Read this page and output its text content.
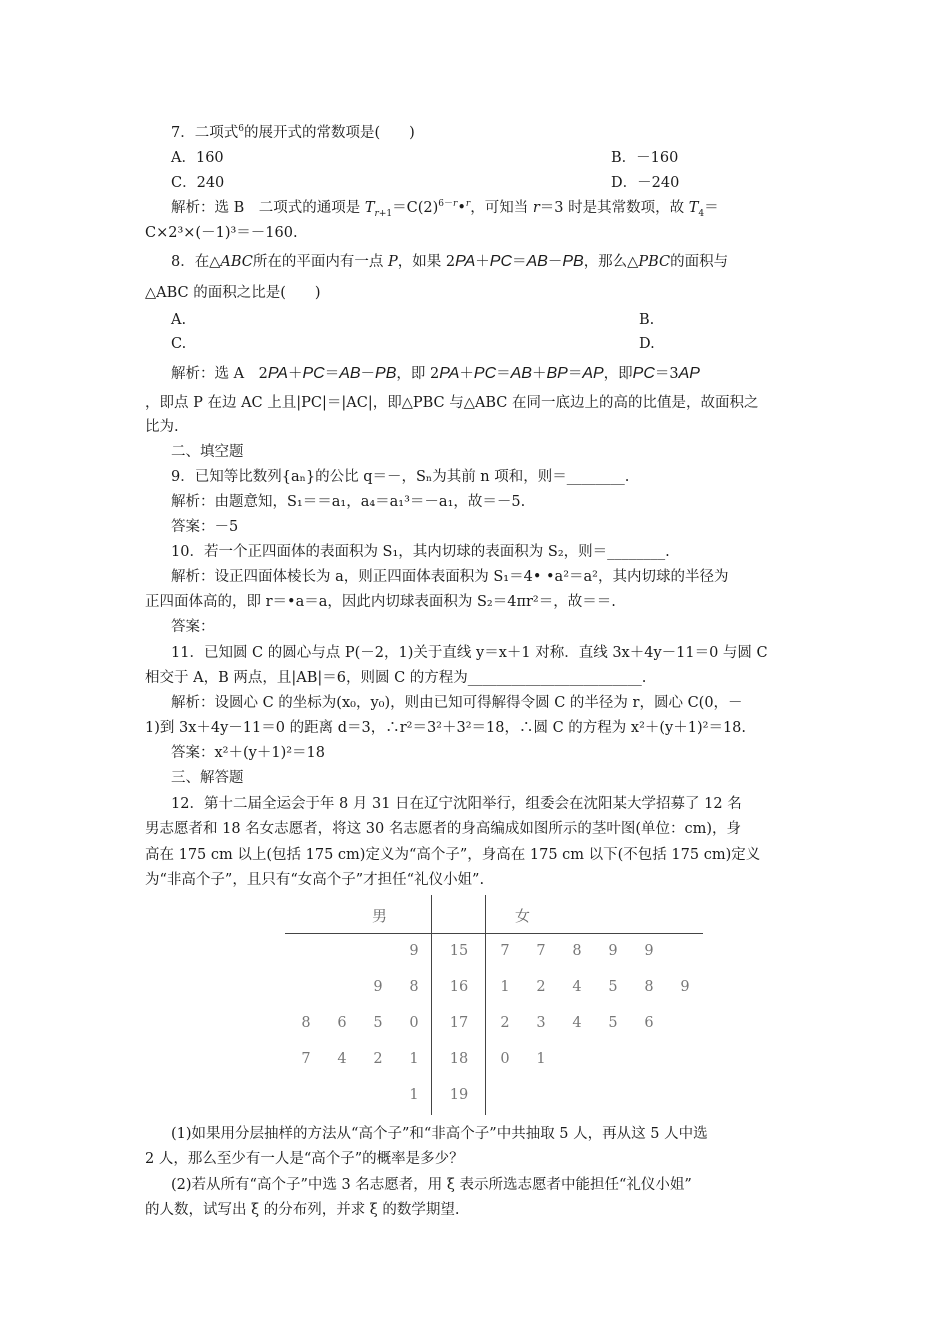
7．二项式$^6$的展开式的常数项是(　　)
A．160	B．－160
C．240	D．－240
解析：选 B　二项式的通项是 $T_{r+1}=C(2)^{6-r}•^r$，可知当 r＝3 时是其常数项，故 $T_4=$
C×2³×(－1)³＝－160.
8．在△ABC所在的平面内有一点 P，如果 2PA＋PC＝AB－PB，那么△PBC的面积与
△ABC 的面积之比是(　　)
A.	B.
C.	D.
解析：选 A　2PA＋PC＝AB－PB，即 2PA＋PC＝AB＋BP＝AP，即PC＝3AP
，即点 P 在边 AC 上且|PC|＝|AC|，即△PBC 与△ABC 在同一底边上的高的比值是，故面积之
比为.
二、填空题
9．已知等比数列{aₙ}的公比 q＝－，Sₙ为其前 n 项和，则＝________.
解析：由题意知，S₁＝＝a₁，a₄＝a₁³＝－a₁，故＝－5.
答案：－5
10．若一个正四面体的表面积为 S₁，其内切球的表面积为 S₂，则＝________.
解析：设正四面体棱长为 a，则正四面体表面积为 S₁＝4• •a²＝a²，其内切球的半径为
正四面体高的，即 r＝•a＝a，因此内切球表面积为 S₂＝4πr²＝，故＝＝.
答案：
11．已知圆 C 的圆心与点 P(－2，1)关于直线 y＝x＋1 对称．直线 3x＋4y－11＝0 与圆 C
相交于 A，B 两点，且|AB|＝6，则圆 C 的方程为________________________.
解析：设圆心 C 的坐标为(x₀，y₀)，则由已知可得解得令圆 C 的半径为 r，圆心 C(0，－
1)到 3x＋4y－11＝0 的距离 d＝3，∴r²＝3²＋3²＝18，∴圆 C 的方程为 x²＋(y＋1)²＝18.
答案：x²＋(y＋1)²＝18
三、解答题
12．第十二届全运会于年 8 月 31 日在辽宁沈阳举行，组委会在沈阳某大学招募了 12 名
男志愿者和 18 名女志愿者，将这 30 名志愿者的身高编成如图所示的茎叶图(单位：cm)，身
高在 175 cm 以上(包括 175 cm)定义为“高个子”，身高在 175 cm 以下(不包括 175 cm)定义
为“非高个子”，且只有“女高个子”才担任“礼仪小姐”.
男	女
9	15	7	7	8	9	9
9	8	16	1	2	4	5	8	9
8	6	5	0	17	2	3	4	5	6
7	4	2	1	18	0	1
1	19
(1)如果用分层抽样的方法从“高个子”和“非高个子”中共抽取 5 人，再从这 5 人中选
2 人，那么至少有一人是“高个子”的概率是多少？
(2)若从所有“高个子”中选 3 名志愿者，用 ξ 表示所选志愿者中能担任“礼仪小姐”
的人数，试写出 ξ 的分布列，并求 ξ 的数学期望.
